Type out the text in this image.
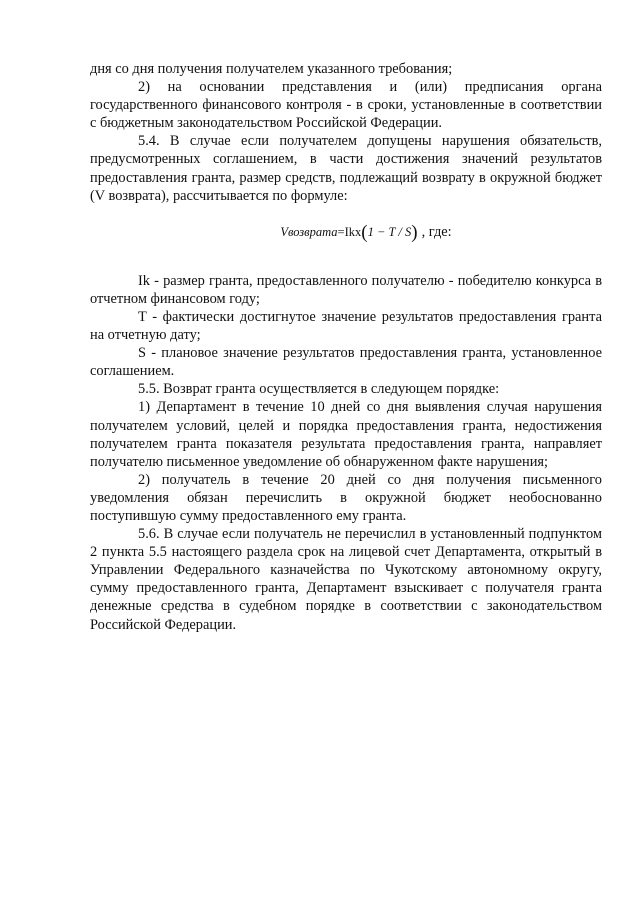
дня со дня получения получателем указанного требования;

2) на основании представления и (или) предписания органа государственного финансового контроля - в сроки, установленные в соответствии с бюджетным законодательством Российской Федерации.

5.4. В случае если получателем допущены нарушения обязательств, предусмотренных соглашением, в части достижения значений результатов предоставления гранта, размер средств, подлежащий возврату в окружной бюджет (V возврата), рассчитывается по формуле:

Vвозврата=Ikx(1 − T / S) , где:

Ik - размер гранта, предоставленного получателю - победителю конкурса в отчетном финансовом году;

T - фактически достигнутое значение результатов предоставления гранта на отчетную дату;

S - плановое значение результатов предоставления гранта, установленное соглашением.

5.5. Возврат гранта осуществляется в следующем порядке:

1) Департамент в течение 10 дней со дня выявления случая нарушения получателем условий, целей и порядка предоставления гранта, недостижения получателем гранта показателя результата предоставления гранта, направляет получателю письменное уведомление об обнаруженном факте нарушения;

2) получатель в течение 20 дней со дня получения письменного уведомления обязан перечислить в окружной бюджет необоснованно поступившую сумму предоставленного ему гранта.

5.6. В случае если получатель не перечислил в установленный подпунктом 2 пункта 5.5 настоящего раздела срок на лицевой счет Департамента, открытый в Управлении Федерального казначейства по Чукотскому автономному округу, сумму предоставленного гранта, Департамент взыскивает с получателя гранта денежные средства в судебном порядке в соответствии с законодательством Российской Федерации.
